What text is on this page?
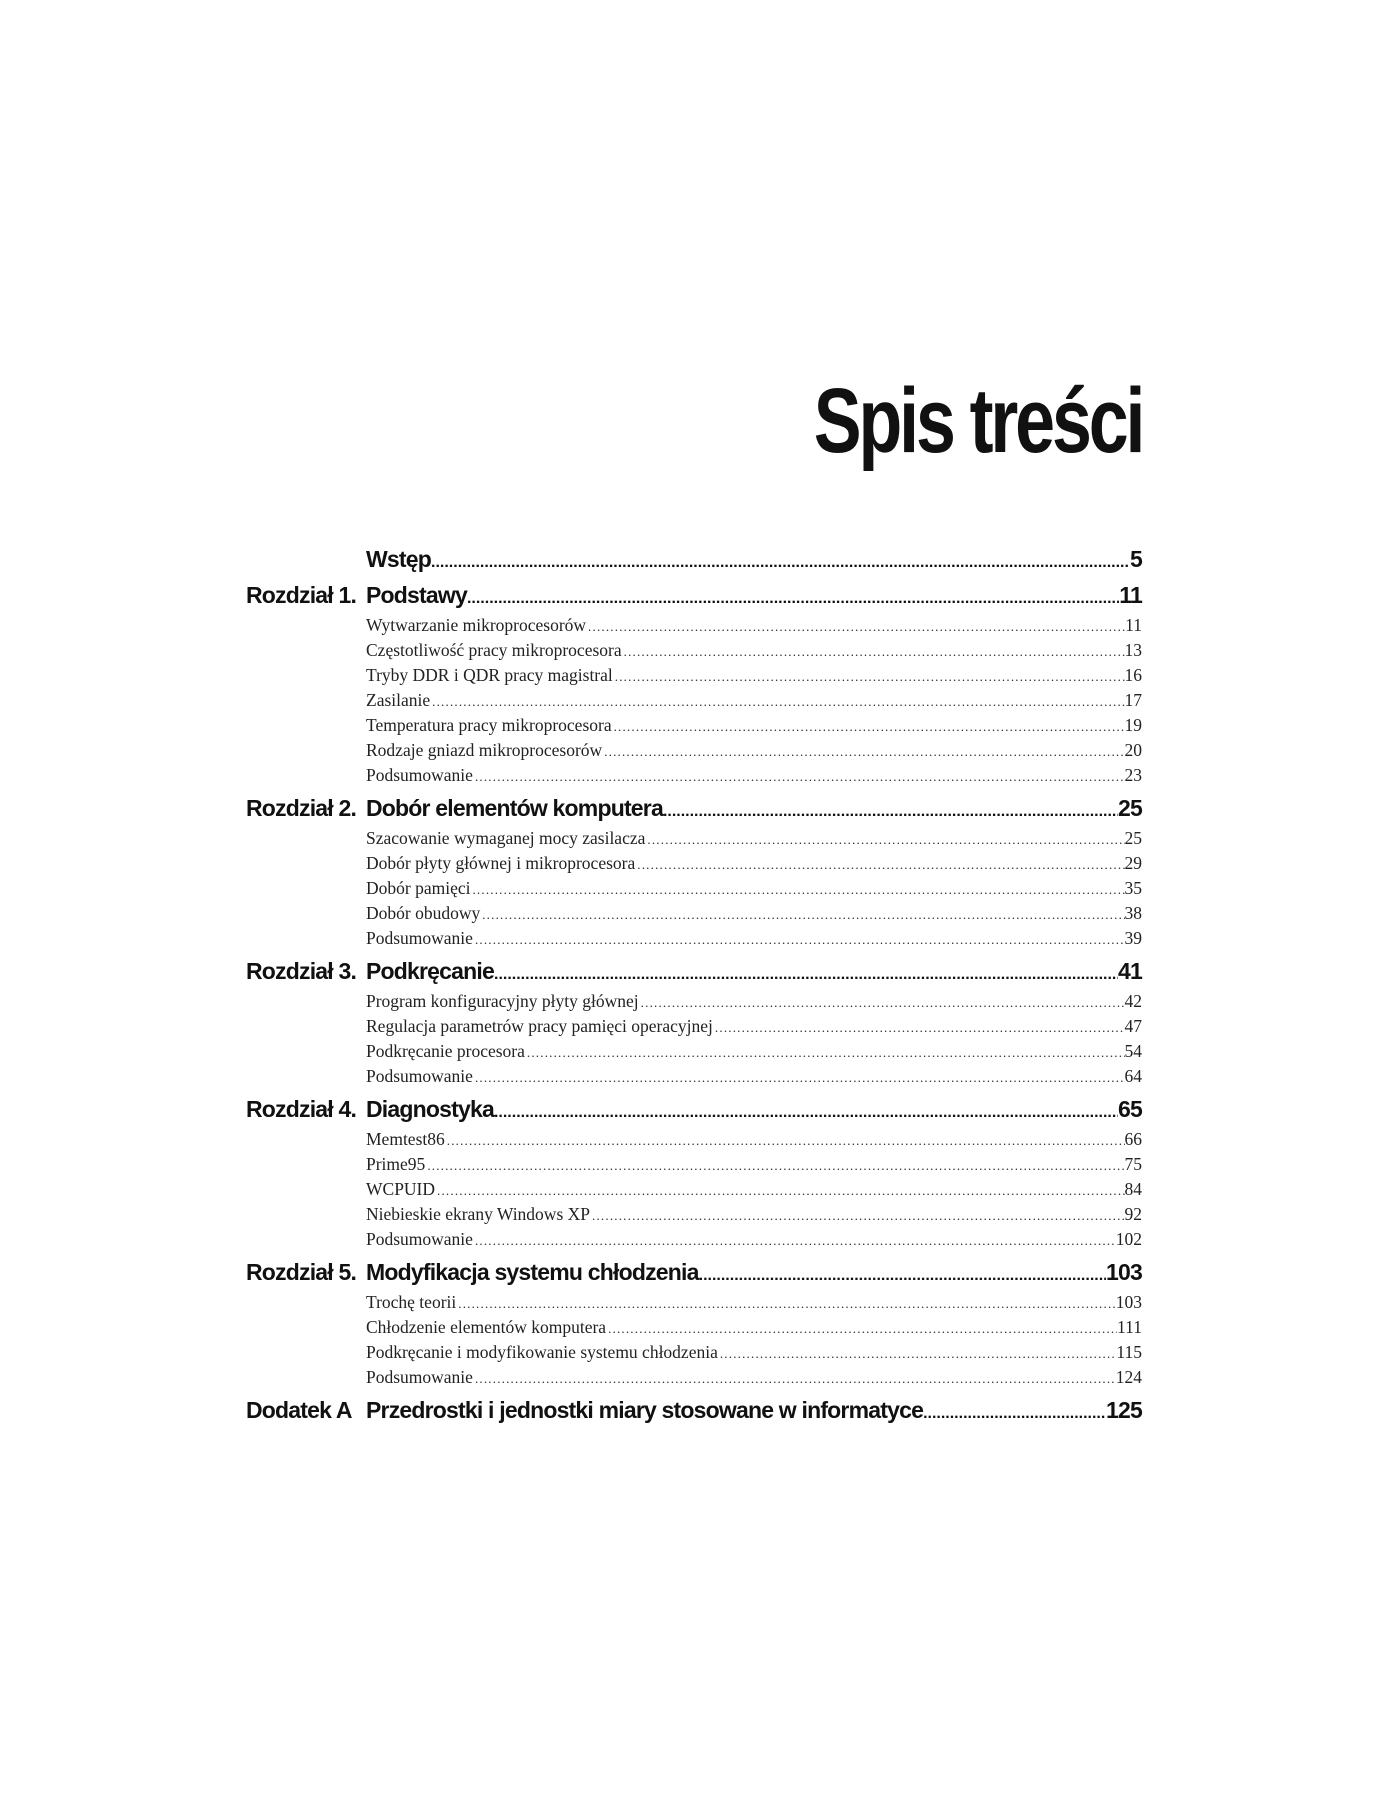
Spis treści
Wstęp .....	5
Rozdział 1. Podstawy .....	11
Wytwarzanie mikroprocesorów .....	11
Częstotliwość pracy mikroprocesora .....	13
Tryby DDR i QDR pracy magistral .....	16
Zasilanie .....	17
Temperatura pracy mikroprocesora .....	19
Rodzaje gniazd mikroprocesorów .....	20
Podsumowanie .....	23
Rozdział 2. Dobór elementów komputera .....	25
Szacowanie wymaganej mocy zasilacza .....	25
Dobór płyty głównej i mikroprocesora .....	29
Dobór pamięci .....	35
Dobór obudowy .....	38
Podsumowanie .....	39
Rozdział 3. Podkręcanie .....	41
Program konfiguracyjny płyty głównej .....	42
Regulacja parametrów pracy pamięci operacyjnej .....	47
Podkręcanie procesora .....	54
Podsumowanie .....	64
Rozdział 4. Diagnostyka .....	65
Memtest86 .....	66
Prime95 .....	75
WCPUID .....	84
Niebieskie ekrany Windows XP .....	92
Podsumowanie .....	102
Rozdział 5. Modyfikacja systemu chłodzenia .....	103
Trochę teorii .....	103
Chłodzenie elementów komputera .....	111
Podkręcanie i modyfikowanie systemu chłodzenia .....	115
Podsumowanie .....	124
Dodatek A Przedrostki i jednostki miary stosowane w informatyce .....	125
